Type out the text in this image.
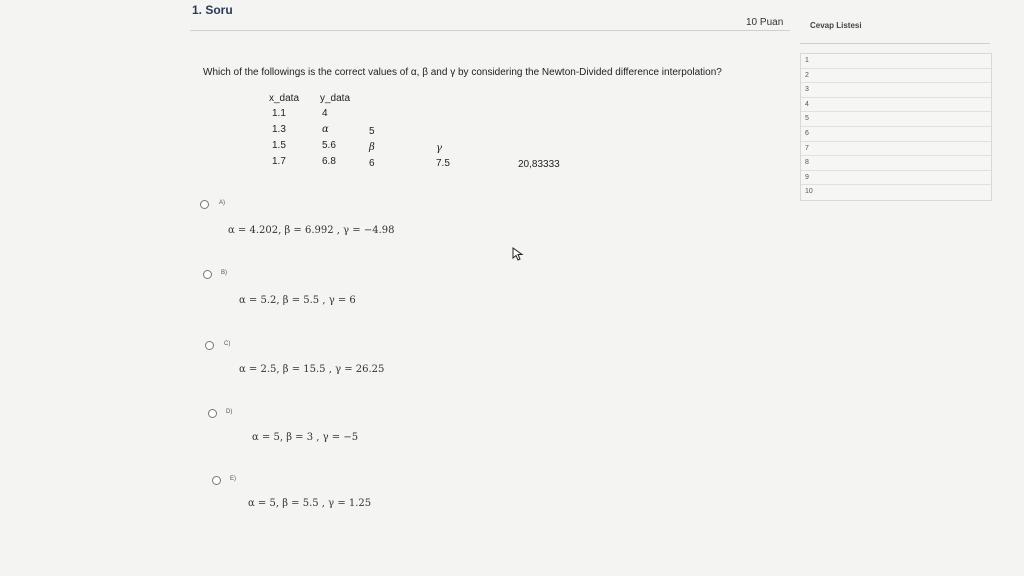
1. Soru
10 Puan	Cevap Listesi
1
2
3
4
5
6
7
8
9
10
Which of the followings is the correct values of α, β and γ by considering the Newton-Divided difference interpolation?
x_data y_data
1.1
1.3
1.5
1.7
4
α
5.6
6.8
5
β
6
γ
7.5	20,83333
A)
α = 4.202, β = 6.992 , γ = −4.98
B)
α = 5.2, β = 5.5 , γ = 6
C)
α = 2.5, β = 15.5 , γ = 26.25
D)
α = 5, β = 3 , γ = −5
E)
α = 5, β = 5.5 , γ = 1.25
